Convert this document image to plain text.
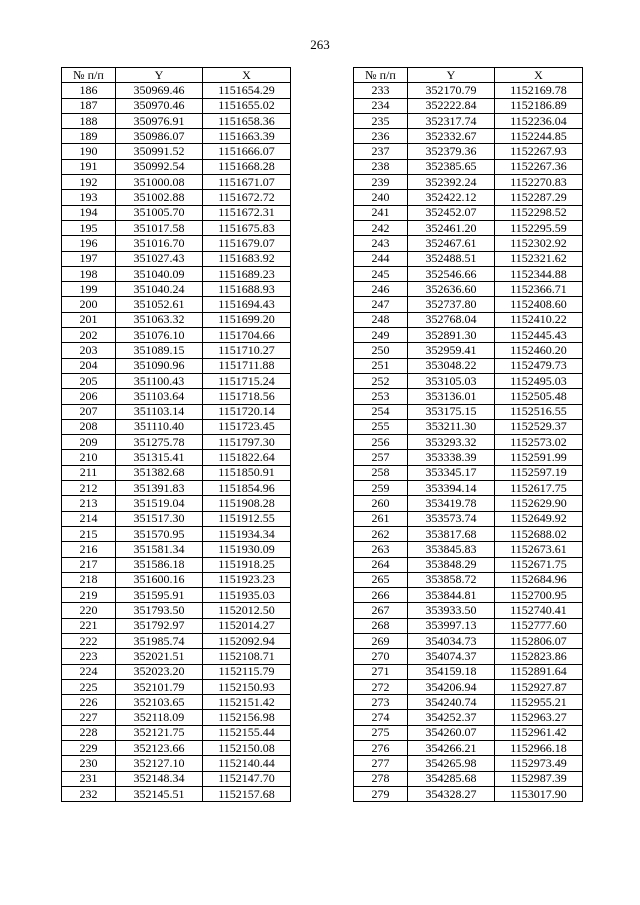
263
№ п/п	Y	X
186	350969.46	1151654.29
187	350970.46	1151655.02
188	350976.91	1151658.36
189	350986.07	1151663.39
190	350991.52	1151666.07
191	350992.54	1151668.28
192	351000.08	1151671.07
193	351002.88	1151672.72
194	351005.70	1151672.31
195	351017.58	1151675.83
196	351016.70	1151679.07
197	351027.43	1151683.92
198	351040.09	1151689.23
199	351040.24	1151688.93
200	351052.61	1151694.43
201	351063.32	1151699.20
202	351076.10	1151704.66
203	351089.15	1151710.27
204	351090.96	1151711.88
205	351100.43	1151715.24
206	351103.64	1151718.56
207	351103.14	1151720.14
208	351110.40	1151723.45
209	351275.78	1151797.30
210	351315.41	1151822.64
211	351382.68	1151850.91
212	351391.83	1151854.96
213	351519.04	1151908.28
214	351517.30	1151912.55
215	351570.95	1151934.34
216	351581.34	1151930.09
217	351586.18	1151918.25
218	351600.16	1151923.23
219	351595.91	1151935.03
220	351793.50	1152012.50
221	351792.97	1152014.27
222	351985.74	1152092.94
223	352021.51	1152108.71
224	352023.20	1152115.79
225	352101.79	1152150.93
226	352103.65	1152151.42
227	352118.09	1152156.98
228	352121.75	1152155.44
229	352123.66	1152150.08
230	352127.10	1152140.44
231	352148.34	1152147.70
232	352145.51	1152157.68
№ п/п	Y	X
233	352170.79	1152169.78
234	352222.84	1152186.89
235	352317.74	1152236.04
236	352332.67	1152244.85
237	352379.36	1152267.93
238	352385.65	1152267.36
239	352392.24	1152270.83
240	352422.12	1152287.29
241	352452.07	1152298.52
242	352461.20	1152295.59
243	352467.61	1152302.92
244	352488.51	1152321.62
245	352546.66	1152344.88
246	352636.60	1152366.71
247	352737.80	1152408.60
248	352768.04	1152410.22
249	352891.30	1152445.43
250	352959.41	1152460.20
251	353048.22	1152479.73
252	353105.03	1152495.03
253	353136.01	1152505.48
254	353175.15	1152516.55
255	353211.30	1152529.37
256	353293.32	1152573.02
257	353338.39	1152591.99
258	353345.17	1152597.19
259	353394.14	1152617.75
260	353419.78	1152629.90
261	353573.74	1152649.92
262	353817.68	1152688.02
263	353845.83	1152673.61
264	353848.29	1152671.75
265	353858.72	1152684.96
266	353844.81	1152700.95
267	353933.50	1152740.41
268	353997.13	1152777.60
269	354034.73	1152806.07
270	354074.37	1152823.86
271	354159.18	1152891.64
272	354206.94	1152927.87
273	354240.74	1152955.21
274	354252.37	1152963.27
275	354260.07	1152961.42
276	354266.21	1152966.18
277	354265.98	1152973.49
278	354285.68	1152987.39
279	354328.27	1153017.90
